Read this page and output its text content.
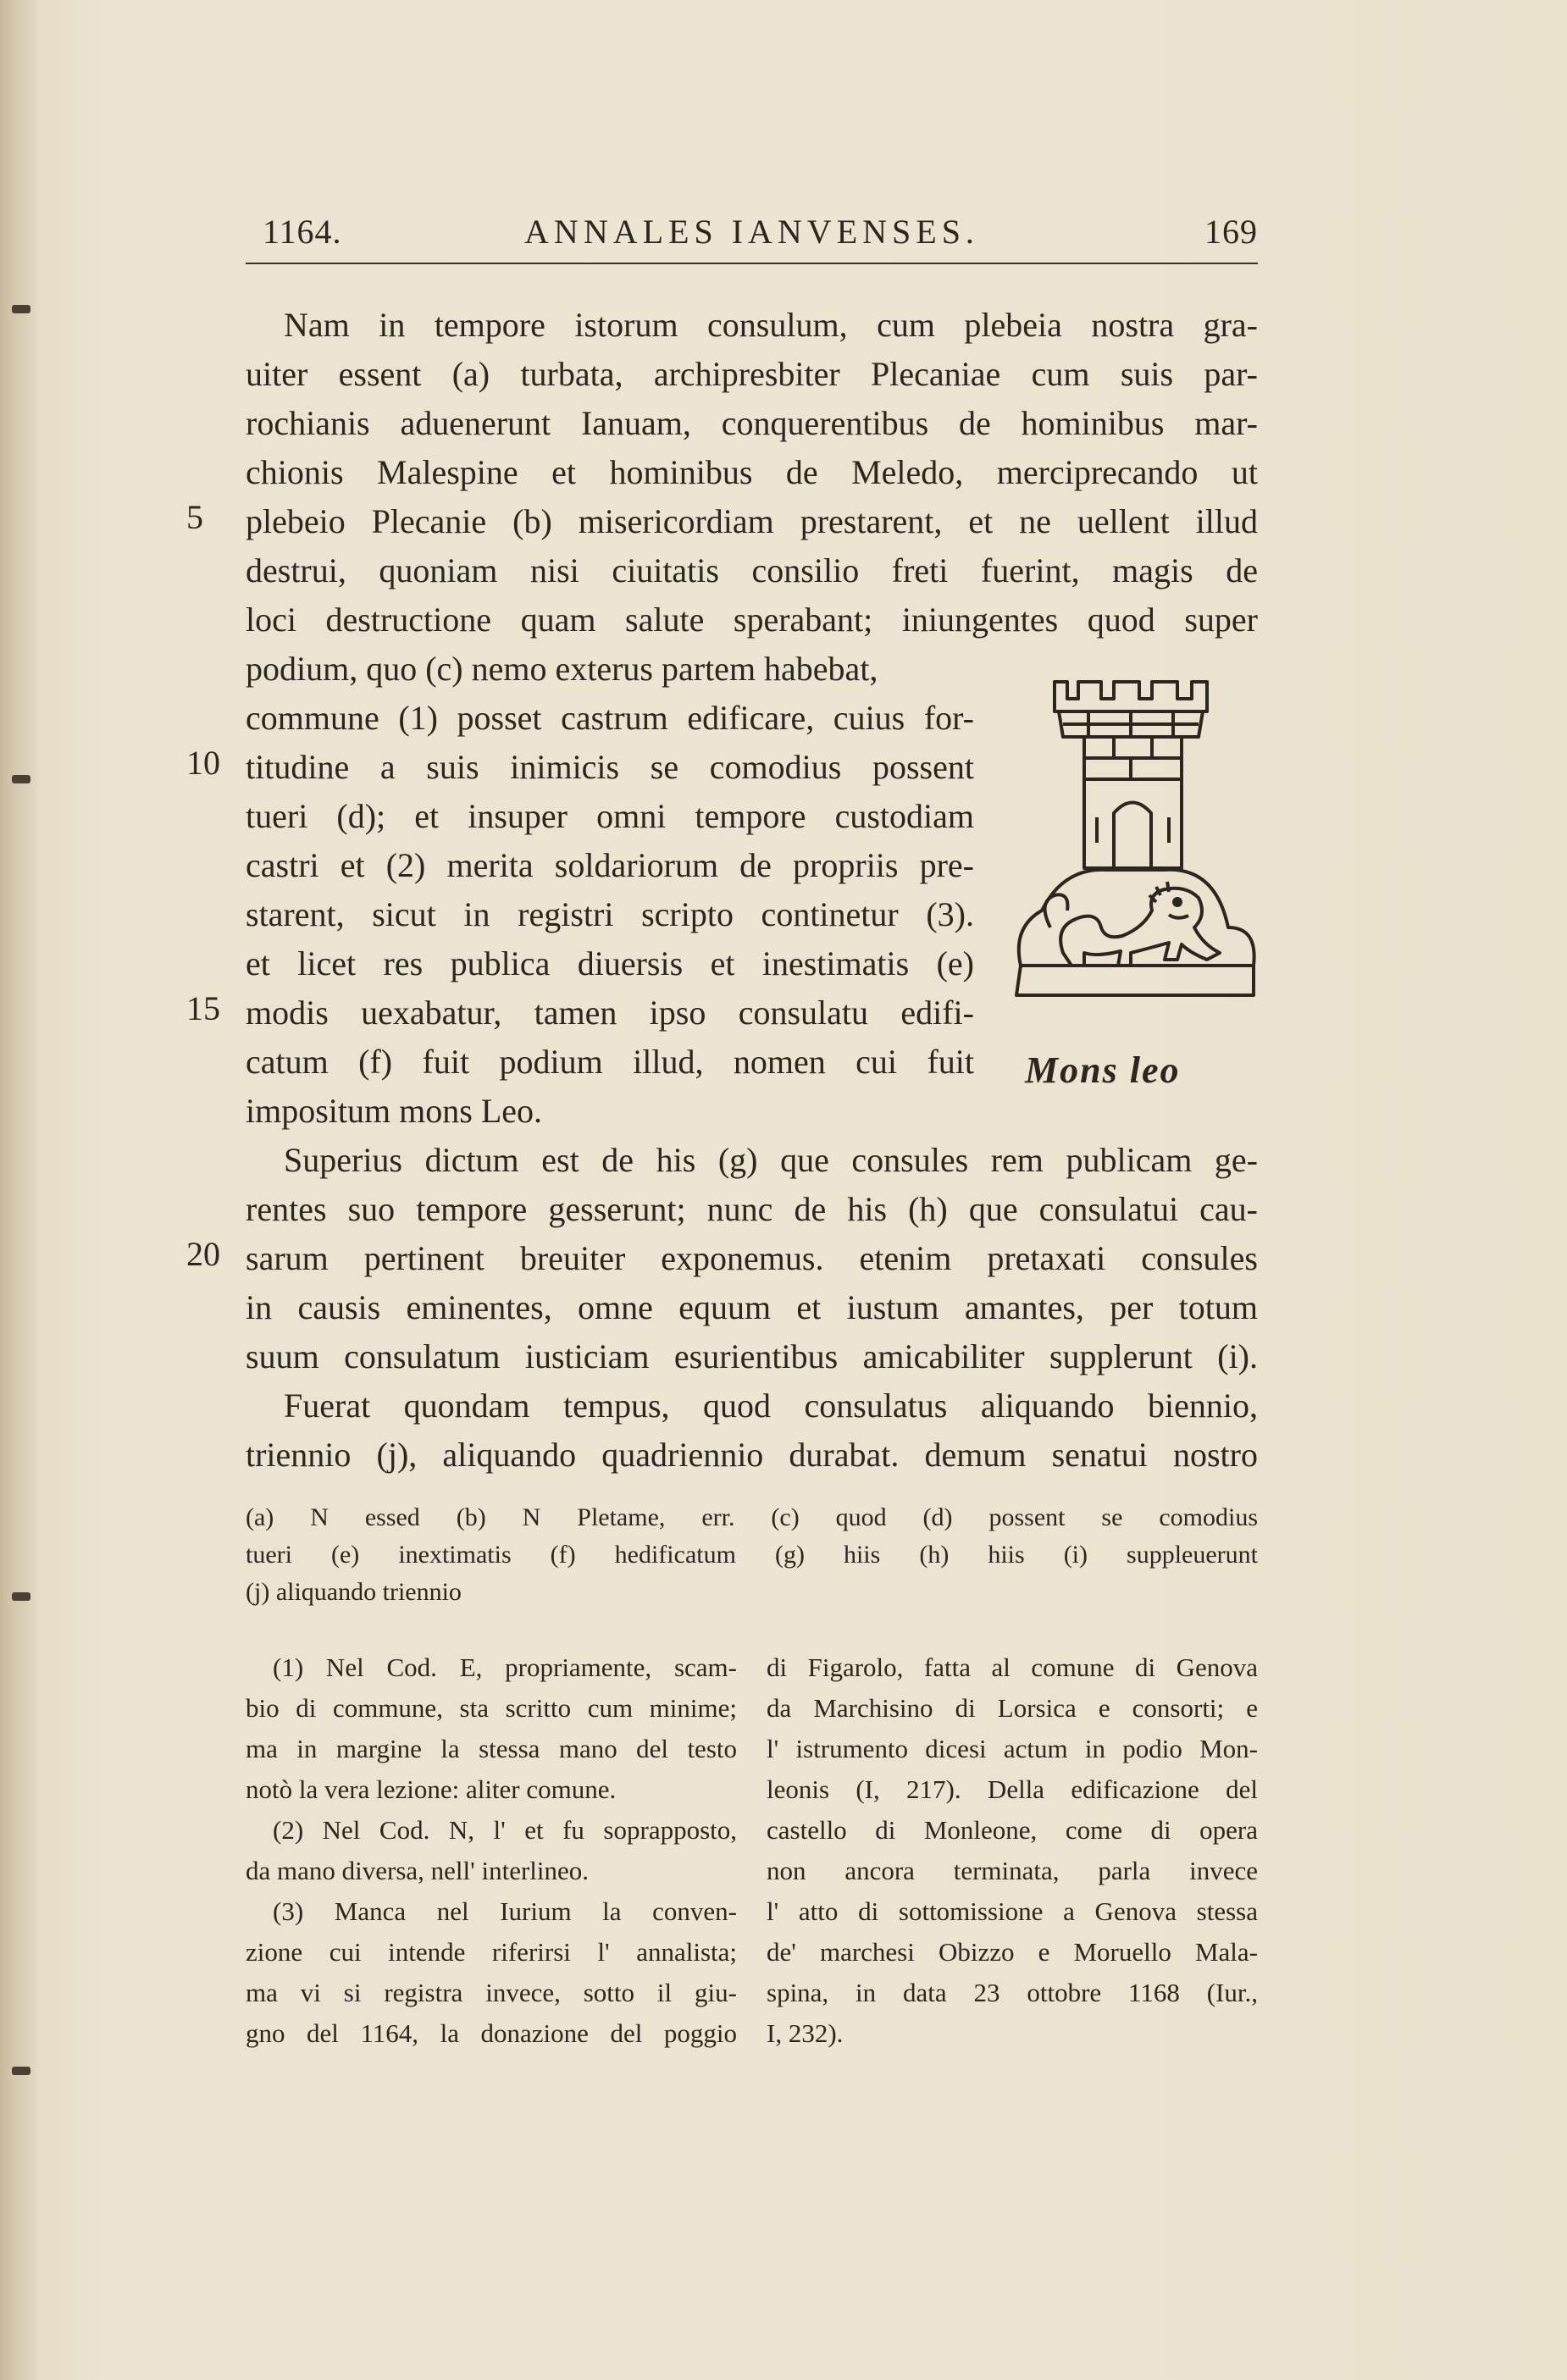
1164.	ANNALES IANVENSES.	169
5
10
15
20
Nam in tempore istorum consulum, cum plebeia nostra gra-
uiter essent (a) turbata, archipresbiter Plecaniae cum suis par-
rochianis aduenerunt Ianuam, conquerentibus de hominibus mar-
chionis Malespine et hominibus de Meledo, merciprecando ut
plebeio Plecanie (b) misericordiam prestarent, et ne uellent illud
destrui, quoniam nisi ciuitatis consilio freti fuerint, magis de
loci destructione quam salute sperabant; iniungentes quod super
podium, quo (c) nemo exterus partem habebat,
commune (1) posset castrum edificare, cuius for-
titudine a suis inimicis se comodius possent
tueri (d); et insuper omni tempore custodiam
castri et (2) merita soldariorum de propriis pre-
starent, sicut in registri scripto continetur (3).
et licet res publica diuersis et inestimatis (e)
modis uexabatur, tamen ipso consulatu edifi-
catum (f) fuit podium illud, nomen cui fuit
impositum mons Leo.
Superius dictum est de his (g) que consules rem publicam ge-
rentes suo tempore gesserunt; nunc de his (h) que consulatui cau-
sarum pertinent breuiter exponemus. etenim pretaxati consules
in causis eminentes, omne equum et iustum amantes, per totum
suum consulatum iusticiam esurientibus amicabiliter supplerunt (i).
Fuerat quondam tempus, quod consulatus aliquando biennio,
triennio (j), aliquando quadriennio durabat. demum senatui nostro
Mons leo
(a) N essed (b) N Pletame, err. (c) quod (d) possent se comodius
tueri (e) inextimatis (f) hedificatum (g) hiis (h) hiis (i) suppleuerunt
(j) aliquando triennio
(1) Nel Cod. E, propriamente, scam-
bio di commune, sta scritto cum minime;
ma in margine la stessa mano del testo
notò la vera lezione: aliter comune.
(2) Nel Cod. N, l' et fu soprapposto,
da mano diversa, nell' interlineo.
(3) Manca nel Iurium la conven-
zione cui intende riferirsi l' annalista;
ma vi si registra invece, sotto il giu-
gno del 1164, la donazione del poggio
di Figarolo, fatta al comune di Genova
da Marchisino di Lorsica e consorti; e
l' istrumento dicesi actum in podio Mon-
leonis (I, 217). Della edificazione del
castello di Monleone, come di opera
non ancora terminata, parla invece
l' atto di sottomissione a Genova stessa
de' marchesi Obizzo e Moruello Mala-
spina, in data 23 ottobre 1168 (Iur.,
I, 232).
